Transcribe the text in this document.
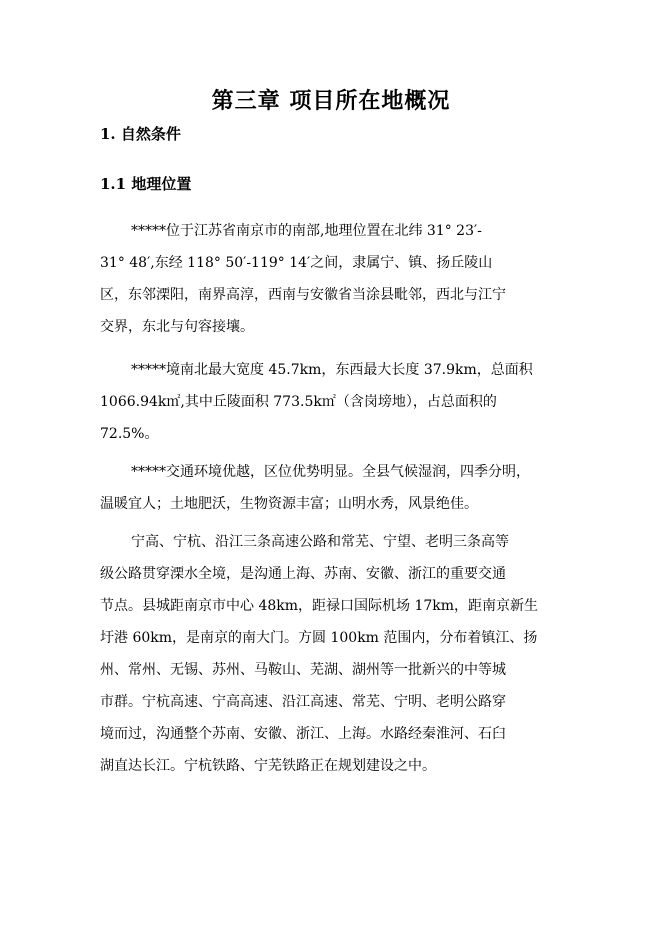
第三章 项目所在地概况
1. 自然条件
1.1 地理位置

*****位于江苏省南京市的南部,地理位置在北纬 31° 23′-
31° 48′,东经 118° 50′-119° 14′之间，隶属宁、镇、扬丘陵山
区，东邻溧阳，南界高淳，西南与安徽省当涂县毗邻，西北与江宁
交界，东北与句容接壤。

*****境南北最大宽度 45.7km，东西最大长度 37.9km，总面积
1066.94k㎡,其中丘陵面积 773.5k㎡（含岗塝地），占总面积的
72.5%。

*****交通环境优越，区位优势明显。全县气候湿润，四季分明，
温暖宜人；土地肥沃，生物资源丰富；山明水秀，风景绝佳。

宁高、宁杭、沿江三条高速公路和常芜、宁望、老明三条高等
级公路贯穿溧水全境，是沟通上海、苏南、安徽、浙江的重要交通
节点。县城距南京市中心 48km，距禄口国际机场 17km，距南京新生
圩港 60km，是南京的南大门。方圆 100km 范围内，分布着镇江、扬
州、常州、无锡、苏州、马鞍山、芜湖、湖州等一批新兴的中等城
市群。宁杭高速、宁高高速、沿江高速、常芜、宁明、老明公路穿
境而过，沟通整个苏南、安徽、浙江、上海。水路经秦淮河、石臼
湖直达长江。宁杭铁路、宁芜铁路正在规划建设之中。
